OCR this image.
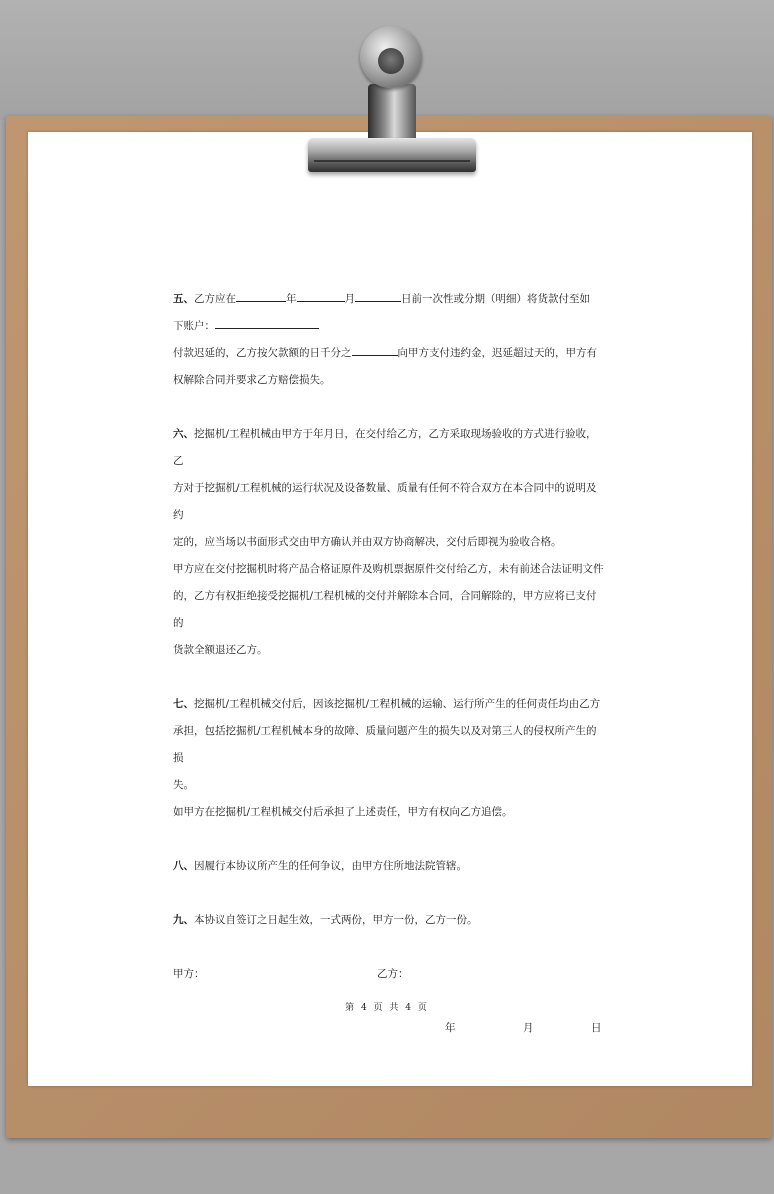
五、乙方应在	年	月	日前一次性或分期（明细）将货款付至如

下账户：

付款迟延的，乙方按欠款额的日千分之	向甲方支付违约金，迟延超过天的，甲方有

权解除合同并要求乙方赔偿损失。

六、挖掘机/工程机械由甲方于年月日，在交付给乙方，乙方采取现场验收的方式进行验收，乙

方对于挖掘机/工程机械的运行状况及设备数量、质量有任何不符合双方在本合同中的说明及约

定的，应当场以书面形式交由甲方确认并由双方协商解决，交付后即视为验收合格。

甲方应在交付挖掘机时将产品合格证原件及购机票据原件交付给乙方，未有前述合法证明文件

的，乙方有权拒绝接受挖掘机/工程机械的交付并解除本合同，合同解除的，甲方应将已支付的

货款全额退还乙方。

七、挖掘机/工程机械交付后，因该挖掘机/工程机械的运输、运行所产生的任何责任均由乙方

承担，包括挖掘机/工程机械本身的故障、质量问题产生的损失以及对第三人的侵权所产生的损

失。

如甲方在挖掘机/工程机械交付后承担了上述责任，甲方有权向乙方追偿。

八、因履行本协议所产生的任何争议，由甲方住所地法院管辖。

九、本协议自签订之日起生效，一式两份，甲方一份，乙方一份。

甲方：	乙方：
年	月	日
第 4 页 共 4 页
